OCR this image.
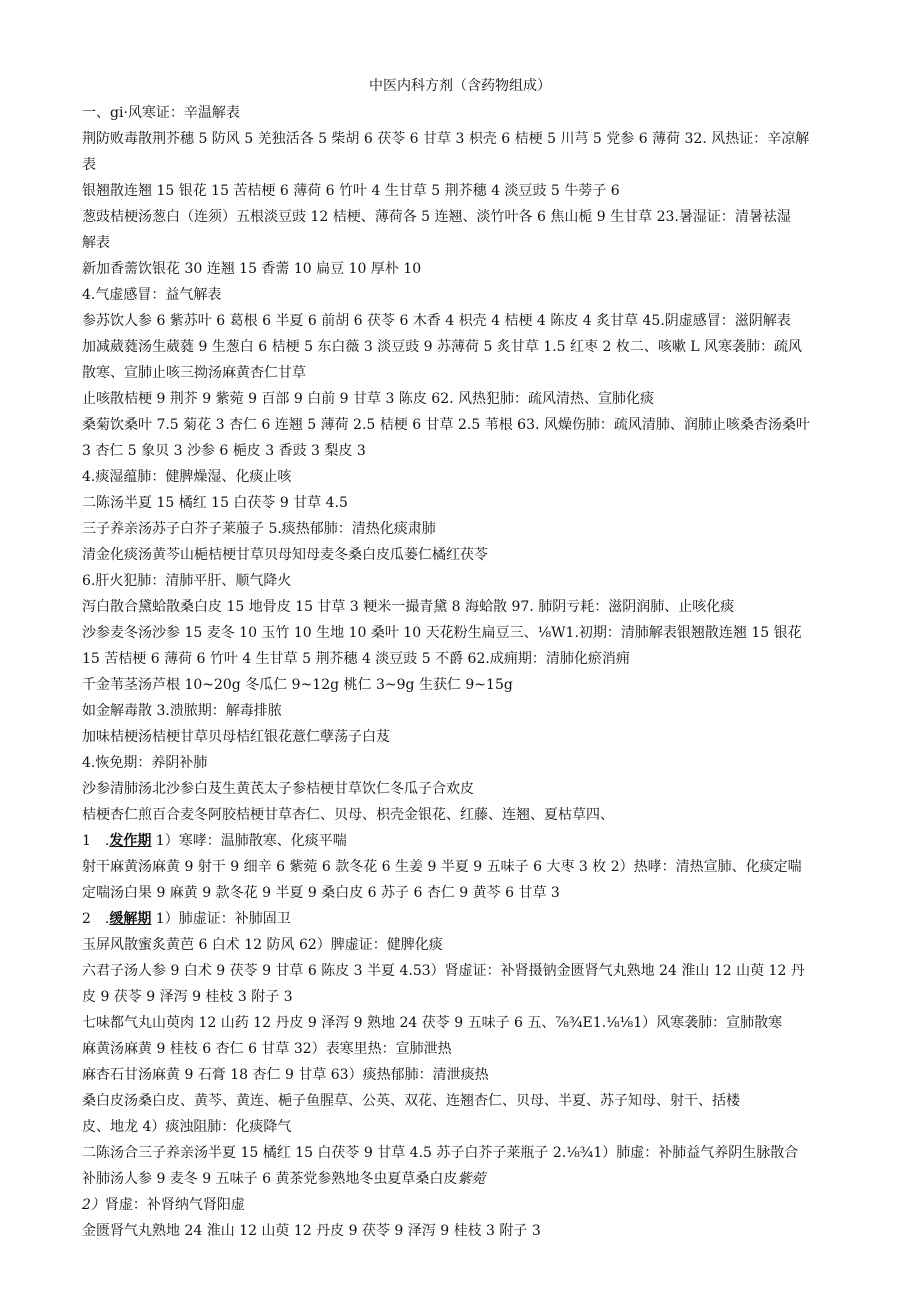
中医内科方剂（含药物组成）
一、gi·风寒证：辛温解表
荆防败毒散荆芥穗 5 防风 5 羌独活各 5 柴胡 6 茯苓 6 甘草 3 枳壳 6 桔梗 5 川芎 5 党参 6 薄荷 32. 风热证：辛凉解
表
银翘散连翘 15 银花 15 苦桔梗 6 薄荷 6 竹叶 4 生甘草 5 荆芥穗 4 淡豆豉 5 牛蒡子 6
葱豉桔梗汤葱白（连须）五根淡豆豉 12 桔梗、薄荷各 5 连翘、淡竹叶各 6 焦山栀 9 生甘草 23.暑湿证：清暑祛湿
解表
新加香薷饮银花 30 连翘 15 香薷 10 扁豆 10 厚朴 10
4.气虚感冒：益气解表
参苏饮人参 6 紫苏叶 6 葛根 6 半夏 6 前胡 6 茯苓 6 木香 4 枳壳 4 桔梗 4 陈皮 4 炙甘草 45.阴虚感冒：滋阴解表
加减葳蕤汤生葳蕤 9 生葱白 6 桔梗 5 东白薇 3 淡豆豉 9 苏薄荷 5 炙甘草 1.5 红枣 2 枚二、咳嗽 L 风寒袭肺：疏风
散寒、宣肺止咳三拗汤麻黄杏仁甘草
止咳散桔梗 9 荆芥 9 紫菀 9 百部 9 白前 9 甘草 3 陈皮 62. 风热犯肺：疏风清热、宣肺化痰
桑菊饮桑叶 7.5 菊花 3 杏仁 6 连翘 5 薄荷 2.5 桔梗 6 甘草 2.5 苇根 63. 风燥伤肺：疏风清肺、润肺止咳桑杏汤桑叶
3 杏仁 5 象贝 3 沙参 6 梔皮 3 香豉 3 梨皮 3
4.痰湿蕴肺：健脾燥湿、化痰止咳
二陈汤半夏 15 橘红 15 白茯苓 9 甘草 4.5
三子养亲汤苏子白芥子莱菔子 5.痰热郁肺：清热化痰肃肺
清金化痰汤黄芩山梔桔梗甘草贝母知母麦冬桑白皮瓜蒌仁橘红茯苓
6.肝火犯肺：清肺平肝、顺气降火
泻白散合黛蛤散桑白皮 15 地骨皮 15 甘草 3 粳米一撮青黛 8 海蛤散 97. 肺阴亏耗：滋阴润肺、止咳化痰
沙参麦冬汤沙参 15 麦冬 10 玉竹 10 生地 10 桑叶 10 天花粉生扁豆三、⅛W1.初期：清肺解表银翘散连翘 15 银花
15 苦桔梗 6 薄荷 6 竹叶 4 生甘草 5 荆芥穗 4 淡豆豉 5 不爵 62.成痈期：清肺化瘀消痈
千金苇茎汤芦根 10~20g 冬瓜仁 9~12g 桃仁 3~9g 生获仁 9~15g
如金解毒散 3.溃脓期：解毒排脓
加味桔梗汤桔梗甘草贝母桔红银花薏仁孽荡子白芨
4.恢免期：养阴补肺
沙参清肺汤北沙参白芨生黄芪太子参桔梗甘草饮仁冬瓜子合欢皮
桔梗杏仁煎百合麦冬阿胶桔梗甘草杏仁、贝母、枳壳金银花、红藤、连翘、夏枯草四、
1　.发作期 1）寒哮：温肺散寒、化痰平喘
射干麻黄汤麻黄 9 射干 9 细辛 6 紫菀 6 款冬花 6 生姜 9 半夏 9 五味子 6 大枣 3 枚 2）热哮：清热宣肺、化痰定喘
定喘汤白果 9 麻黄 9 款冬花 9 半夏 9 桑白皮 6 苏子 6 杏仁 9 黄芩 6 甘草 3
2　.缓解期 1）肺虚证：补肺固卫
玉屏风散蜜炙黄芭 6 白术 12 防风 62）脾虚证：健脾化痰
六君子汤人参 9 白术 9 茯苓 9 甘草 6 陈皮 3 半夏 4.53）肾虚证：补肾摄钠金匮肾气丸熟地 24 淮山 12 山萸 12 丹
皮 9 茯苓 9 泽泻 9 桂枝 3 附子 3
七味都气丸山萸肉 12 山药 12 丹皮 9 泽泻 9 熟地 24 茯苓 9 五味子 6 五、⅞¾E1.⅛⅛1）风寒袭肺：宣肺散寒
麻黄汤麻黄 9 桂枝 6 杏仁 6 甘草 32）表寒里热：宣肺泄热
麻杏石甘汤麻黄 9 石膏 18 杏仁 9 甘草 63）痰热郁肺：清泄痰热
桑白皮汤桑白皮、黄芩、黄连、梔子鱼腥草、公英、双花、连翘杏仁、贝母、半夏、苏子知母、射干、括楼
皮、地龙 4）痰浊阻肺：化痰降气
二陈汤合三子养亲汤半夏 15 橘红 15 白茯苓 9 甘草 4.5 苏子白芥子莱瓶子 2.⅛¾1）肺虚：补肺益气养阴生脉散合
补肺汤人参 9 麦冬 9 五味子 6 黄茶党参熟地冬虫夏草桑白皮紫菀
2）肾虚：补肾纳气肾阳虚
金匮肾气丸熟地 24 淮山 12 山萸 12 丹皮 9 茯苓 9 泽泻 9 桂枝 3 附子 3
